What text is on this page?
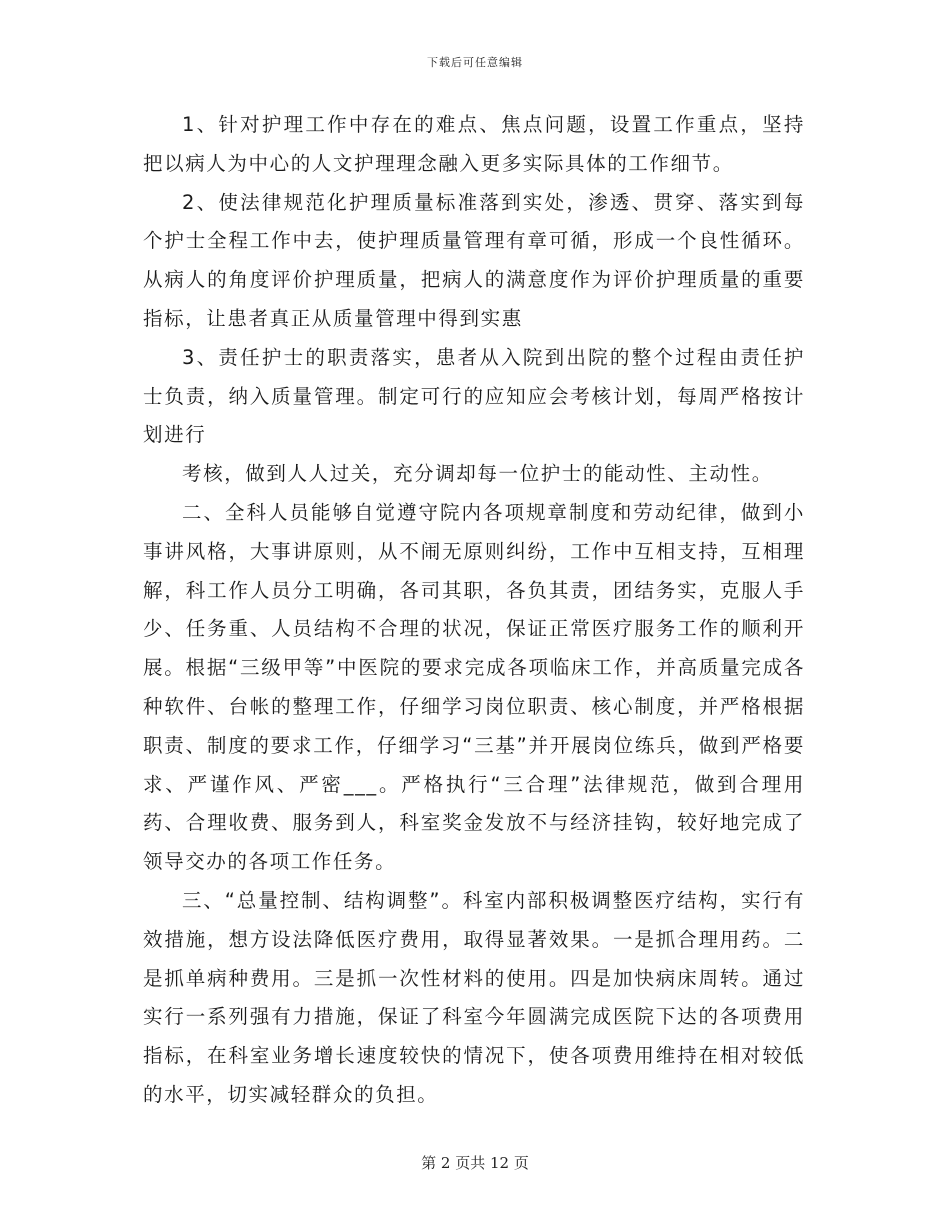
下载后可任意编辑

1、针对护理工作中存在的难点、焦点问题，设置工作重点，坚持把以病人为中心的人文护理理念融入更多实际具体的工作细节。

2、使法律规范化护理质量标准落到实处，渗透、贯穿、落实到每个护士全程工作中去，使护理质量管理有章可循，形成一个良性循环。从病人的角度评价护理质量，把病人的满意度作为评价护理质量的重要指标，让患者真正从质量管理中得到实惠

3、责任护士的职责落实，患者从入院到出院的整个过程由责任护士负责，纳入质量管理。制定可行的应知应会考核计划，每周严格按计划进行

考核，做到人人过关，充分调却每一位护士的能动性、主动性。

二、全科人员能够自觉遵守院内各项规章制度和劳动纪律，做到小事讲风格，大事讲原则，从不闹无原则纠纷，工作中互相支持，互相理解，科工作人员分工明确，各司其职，各负其责，团结务实，克服人手少、任务重、人员结构不合理的状况，保证正常医疗服务工作的顺利开展。根据“三级甲等”中医院的要求完成各项临床工作，并高质量完成各种软件、台帐的整理工作，仔细学习岗位职责、核心制度，并严格根据职责、制度的要求工作，仔细学习“三基”并开展岗位练兵，做到严格要求、严谨作风、严密___。严格执行“三合理”法律规范，做到合理用药、合理收费、服务到人，科室奖金发放不与经济挂钩，较好地完成了领导交办的各项工作任务。

三、“总量控制、结构调整”。科室内部积极调整医疗结构，实行有效措施，想方设法降低医疗费用，取得显著效果。一是抓合理用药。二是抓单病种费用。三是抓一次性材料的使用。四是加快病床周转。通过实行一系列强有力措施，保证了科室今年圆满完成医院下达的各项费用指标，在科室业务增长速度较快的情况下，使各项费用维持在相对较低的水平，切实减轻群众的负担。

第 2 页共 12 页
